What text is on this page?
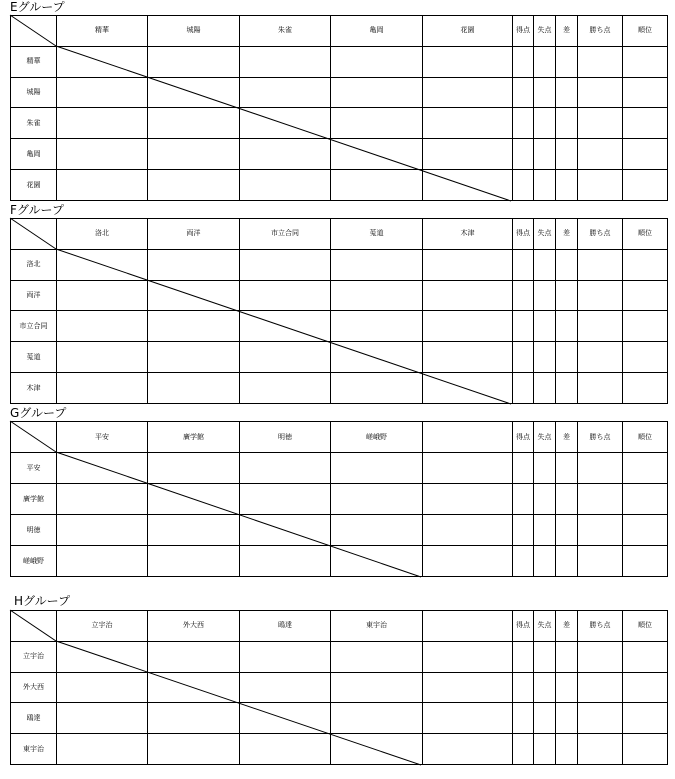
Eグループ
	精華	城陽	朱雀	亀岡	花園	得点	失点	差	勝ち点	順位
精華										
城陽										
朱雀										
亀岡										
花園										
Fグループ
	洛北	両洋	市立合同	莵道	木津	得点	失点	差	勝ち点	順位
洛北										
両洋										
市立合同										
莵道										
木津										
Gグループ
	平安	廣学館	明徳	嵯峨野		得点	失点	差	勝ち点	順位
平安										
廣学館										
明徳										
嵯峨野										
Hグループ
	立宇治	外大西	鴎達	東宇治		得点	失点	差	勝ち点	順位
立宇治										
外大西										
鴎達										
東宇治										
